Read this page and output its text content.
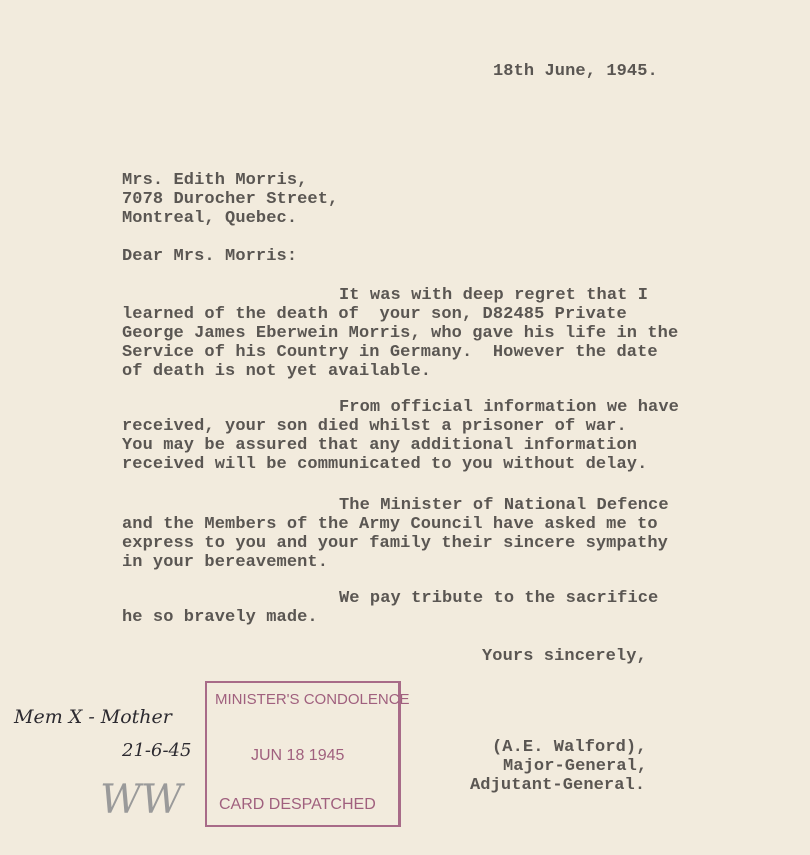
18th June, 1945.
Mrs. Edith Morris,
7078 Durocher Street,
Montreal, Quebec.
Dear Mrs. Morris:
It was with deep regret that I
learned of the death of  your son, D82485 Private
George James Eberwein Morris, who gave his life in the
Service of his Country in Germany.  However the date
of death is not yet available.
From official information we have
received, your son died whilst a prisoner of war.
You may be assured that any additional information
received will be communicated to you without delay.
The Minister of National Defence
and the Members of the Army Council have asked me to
express to you and your family their sincere sympathy
in your bereavement.
We pay tribute to the sacrifice
he so bravely made.
Yours sincerely,
(A.E. Walford),
Major-General,
Adjutant-General.
MINISTER'S CONDOLENCE
JUN 18 1945
CARD DESPATCHED
Mem X - Mother
21-6-45
WW
